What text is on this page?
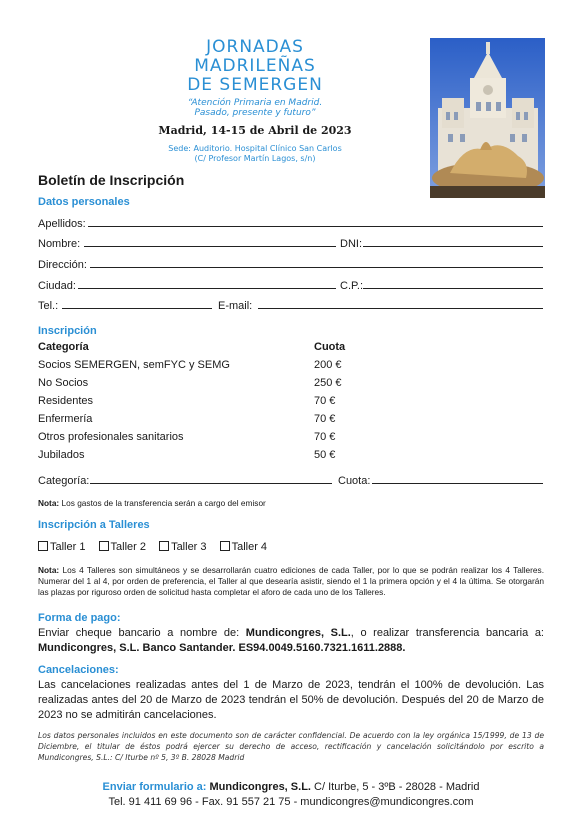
JORNADAS
MADRILEÑAS
DE SEMERGEN
“Atención Primaria en Madrid.
Pasado, presente y futuro”
Madrid, 14-15 de Abril de 2023
Sede: Auditorio. Hospital Clínico San Carlos
(C/ Profesor Martín Lagos, s/n)
Boletín de Inscripción
Datos personales
Apellidos:
Nombre:	DNI:
Dirección:
Ciudad:	C.P.:
Tel.:	E-mail:
Inscripción
Categoría	Cuota
Socios SEMERGEN, semFYC y SEMG	200 €
No Socios	250 €
Residentes	70 €
Enfermería	70 €
Otros profesionales sanitarios	70 €
Jubilados	50 €
Categoría:	Cuota:
Nota: Los gastos de la transferencia serán a cargo del emisor
Inscripción a Talleres
Taller 1 Taller 2 Taller 3 Taller 4
Nota: Los 4 Talleres son simultáneos y se desarrollarán cuatro ediciones de cada Taller, por lo que se podrán realizar los 4 Talleres. Numerar del 1 al 4, por orden de preferencia, el Taller al que desearía asistir, siendo el 1 la primera opción y el 4 la última. Se otorgarán las plazas por riguroso orden de solicitud hasta completar el aforo de cada uno de los Talleres.
Forma de pago:
Enviar cheque bancario a nombre de: Mundicongres, S.L., o realizar transferencia bancaria a: Mundicongres, S.L. Banco Santander. ES94.0049.5160.7321.1611.2888.
Cancelaciones:
Las cancelaciones realizadas antes del 1 de Marzo de 2023, tendrán el 100% de devolución. Las realizadas antes del 20 de Marzo de 2023 tendrán el 50% de devolución. Después del 20 de Marzo de 2023 no se admitirán cancelaciones.
Los datos personales incluidos en este documento son de carácter confidencial. De acuerdo con la ley orgánica 15/1999, de 13 de Diciembre, el titular de éstos podrá ejercer su derecho de acceso, rectificación y cancelación solicitándolo por escrito a Mundicongres, S.L.: C/ Iturbe nº 5, 3º B. 28028 Madrid
Enviar formulario a: Mundicongres, S.L. C/ Iturbe, 5 - 3ºB - 28028 - Madrid
Tel. 91 411 69 96 - Fax. 91 557 21 75 - mundicongres@mundicongres.com
